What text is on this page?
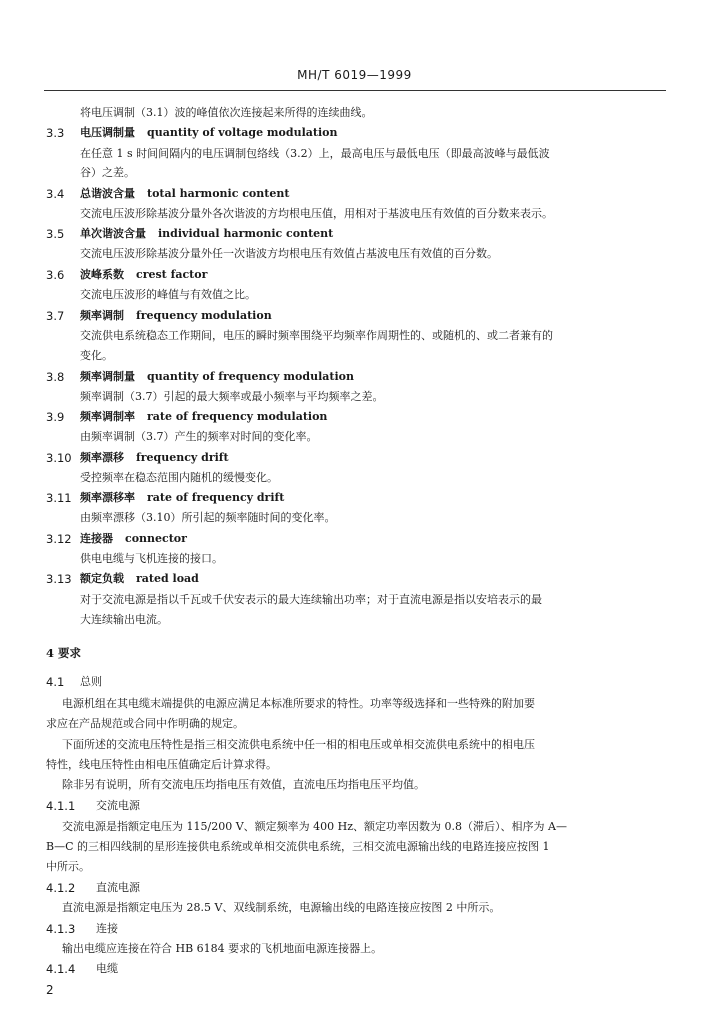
MH/T 6019—1999
将电压调制（3.1）波的峰值依次连接起来所得的连续曲线。
3.3 电压调制量 quantity of voltage modulation
在任意 1 s 时间间隔内的电压调制包络线（3.2）上，最高电压与最低电压（即最高波峰与最低波
谷）之差。
3.4 总谐波含量 total harmonic content
交流电压波形除基波分量外各次谐波的方均根电压值，用相对于基波电压有效值的百分数来表示。
3.5 单次谐波含量 individual harmonic content
交流电压波形除基波分量外任一次谐波方均根电压有效值占基波电压有效值的百分数。
3.6 波峰系数 crest factor
交流电压波形的峰值与有效值之比。
3.7 频率调制 frequency modulation
交流供电系统稳态工作期间，电压的瞬时频率围绕平均频率作周期性的、或随机的、或二者兼有的
变化。
3.8 频率调制量 quantity of frequency modulation
频率调制（3.7）引起的最大频率或最小频率与平均频率之差。
3.9 频率调制率 rate of frequency modulation
由频率调制（3.7）产生的频率对时间的变化率。
3.10 频率漂移 frequency drift
受控频率在稳态范围内随机的缓慢变化。
3.11 频率漂移率 rate of frequency drift
由频率漂移（3.10）所引起的频率随时间的变化率。
3.12 连接器 connector
供电电缆与飞机连接的接口。
3.13 额定负载 rated load
对于交流电源是指以千瓦或千伏安表示的最大连续输出功率；对于直流电源是指以安培表示的最
大连续输出电流。
4 要求
4.1 总则
电源机组在其电缆末端提供的电源应满足本标准所要求的特性。功率等级选择和一些特殊的附加要
求应在产品规范或合同中作明确的规定。
下面所述的交流电压特性是指三相交流供电系统中任一相的相电压或单相交流供电系统中的相电压
特性，线电压特性由相电压值确定后计算求得。
除非另有说明，所有交流电压均指电压有效值，直流电压均指电压平均值。
4.1.1 交流电源
交流电源是指额定电压为 115/200 V、额定频率为 400 Hz、额定功率因数为 0.8（滞后）、相序为 A—
B—C 的三相四线制的星形连接供电系统或单相交流供电系统，三相交流电源输出线的电路连接应按图 1
中所示。
4.1.2 直流电源
直流电源是指额定电压为 28.5 V、双线制系统，电源输出线的电路连接应按图 2 中所示。
4.1.3 连接
输出电缆应连接在符合 HB 6184 要求的飞机地面电源连接器上。
4.1.4 电缆
2
